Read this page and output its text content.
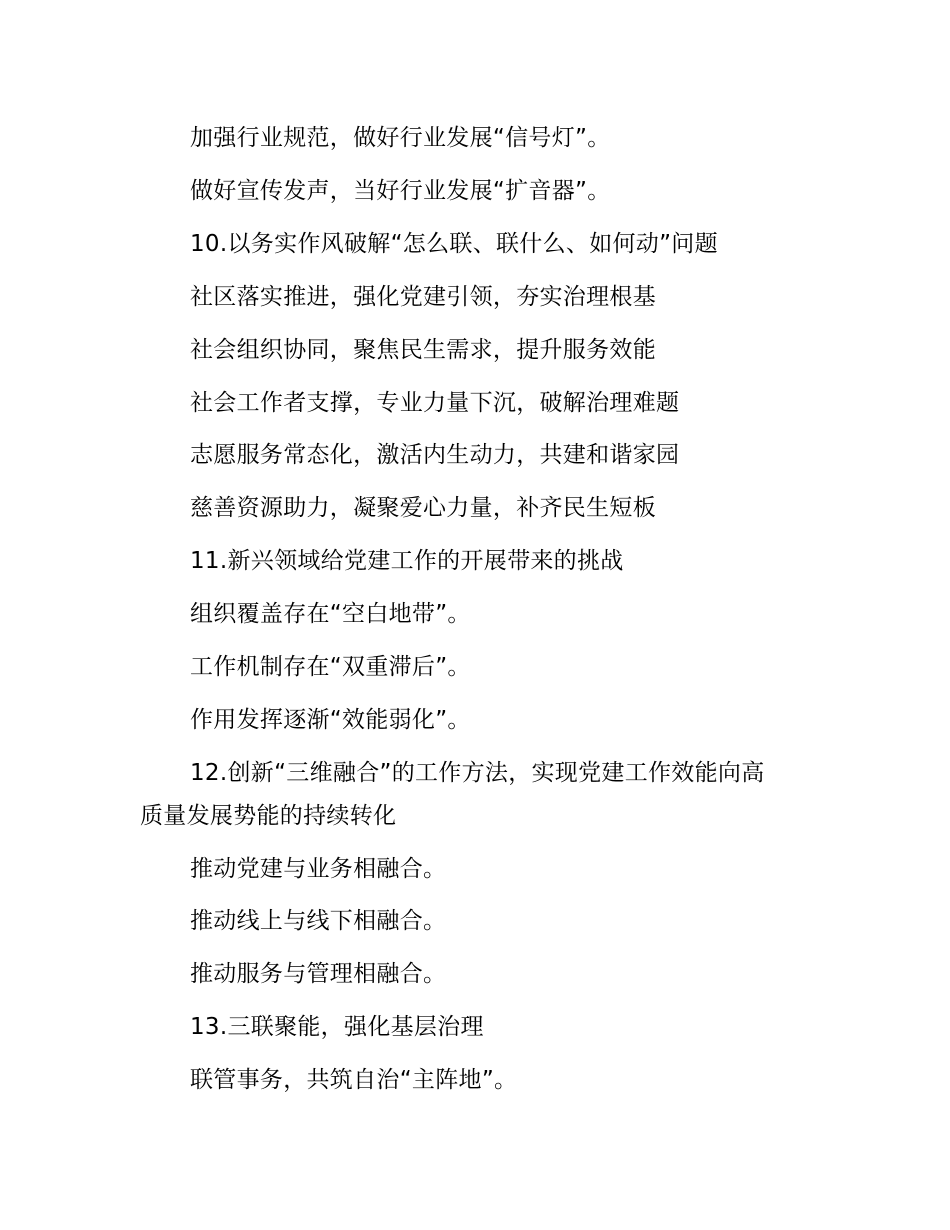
加强行业规范，做好行业发展“信号灯”。
做好宣传发声，当好行业发展“扩音器”。
10.以务实作风破解“怎么联、联什么、如何动”问题
社区落实推进，强化党建引领，夯实治理根基
社会组织协同，聚焦民生需求，提升服务效能
社会工作者支撑，专业力量下沉，破解治理难题
志愿服务常态化，激活内生动力，共建和谐家园
慈善资源助力，凝聚爱心力量，补齐民生短板
11.新兴领域给党建工作的开展带来的挑战
组织覆盖存在“空白地带”。
工作机制存在“双重滞后”。
作用发挥逐渐“效能弱化”。
12.创新“三维融合”的工作方法，实现党建工作效能向高
质量发展势能的持续转化
推动党建与业务相融合。
推动线上与线下相融合。
推动服务与管理相融合。
13.三联聚能，强化基层治理
联管事务，共筑自治“主阵地”。
